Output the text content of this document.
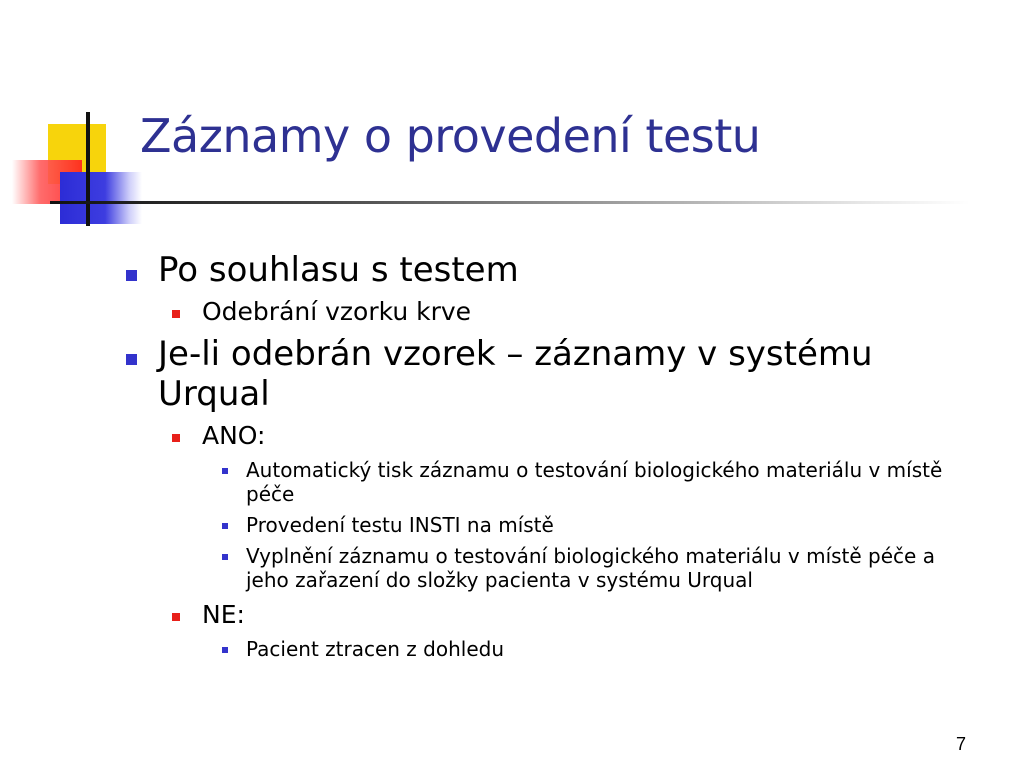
Záznamy o provedení testu
Po souhlasu s testem
Odebrání vzorku krve
Je-li odebrán vzorek – záznamy v systému Urqual
ANO:
Automatický tisk záznamu o testování biologického materiálu v místě péče
Provedení testu INSTI na místě
Vyplnění záznamu o testování biologického materiálu v místě péče a jeho zařazení do složky pacienta v systému Urqual
NE:
Pacient ztracen z dohledu
7
